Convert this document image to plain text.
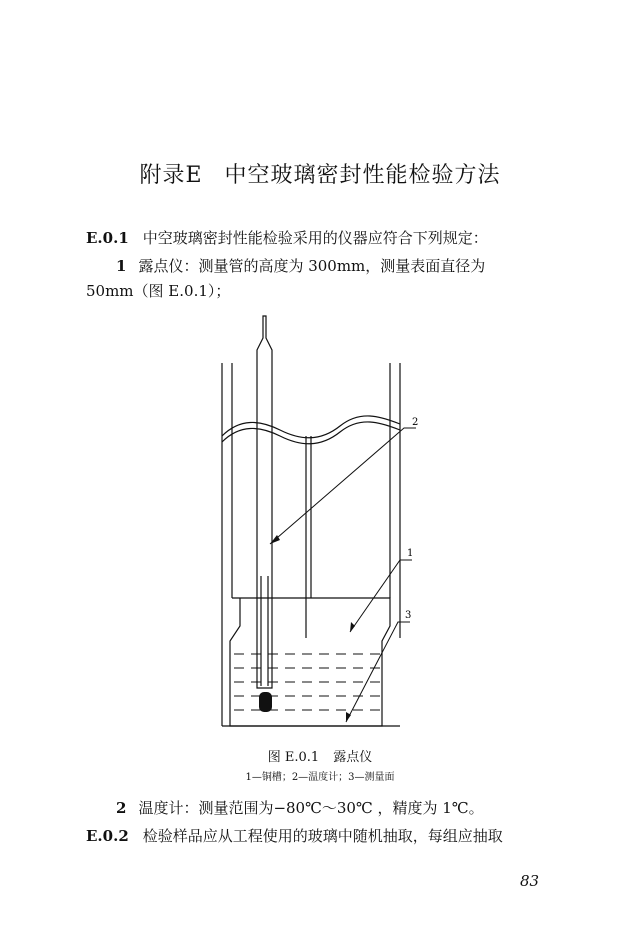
附录E 中空玻璃密封性能检验方法
E.0.1 中空玻璃密封性能检验采用的仪器应符合下列规定：
1 露点仪：测量管的高度为 300mm，测量表面直径为
50mm（图 E.0.1）；
2
1
3
图 E.0.1 露点仪
1—铜槽；2—温度计；3—测量面
2 温度计：测量范围为−80℃～30℃ ，精度为 1℃。
E.0.2 检验样品应从工程使用的玻璃中随机抽取，每组应抽取
83
